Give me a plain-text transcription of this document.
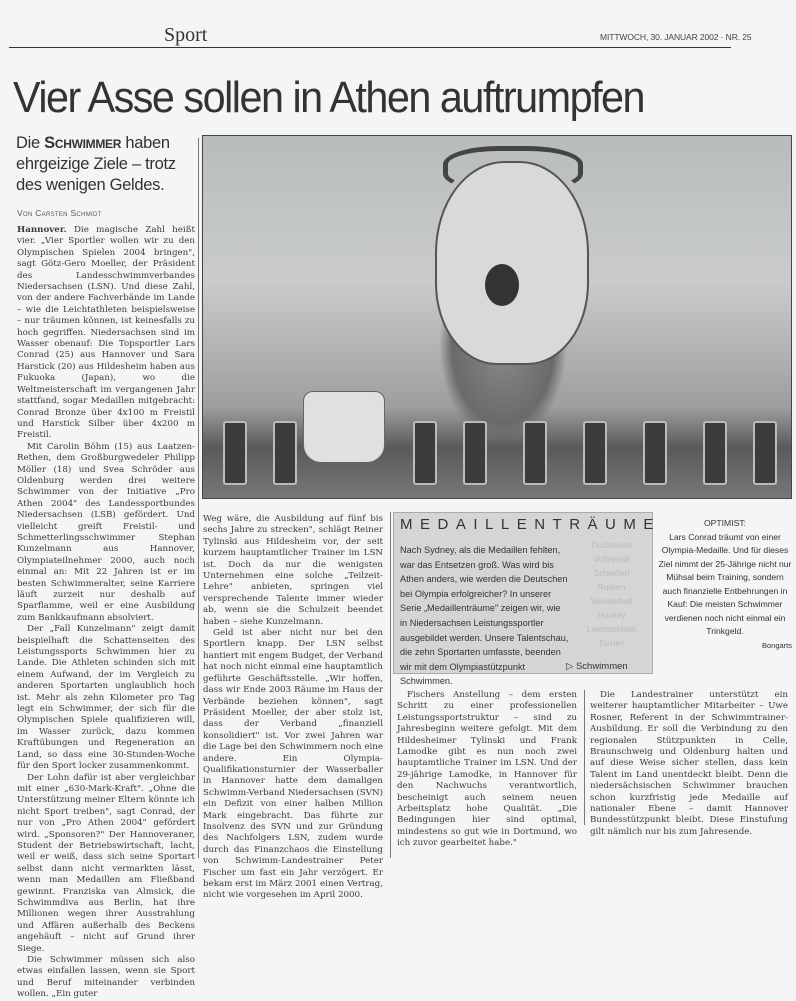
Sport	MITTWOCH, 30. JANUAR 2002 · NR. 25
Vier Asse sollen in Athen auftrumpfen
Die Schwimmer haben ehrgeizige Ziele – trotz des wenigen Geldes.
Von Carsten Schmidt

Hannover. Die magische Zahl heißt vier. „Vier Sportler wollen wir zu den Olympischen Spielen 2004 bringen", sagt Götz-Gero Moeller, der Präsident des Landesschwimmverbandes Niedersachsen (LSN). Und diese Zahl, von der andere Fachverbände im Lande – wie die Leichtathleten beispielsweise – nur träumen können, ist keinesfalls zu hoch gegriffen. Niedersachsen sind im Wasser obenauf: Die Topsportler Lars Conrad (25) aus Hannover und Sara Harstick (20) aus Hildesheim haben aus Fukuoka (Japan), wo die Weltmeisterschaft im vergangenen Jahr stattfand, sogar Medaillen mitgebracht: Conrad Bronze über 4x100 m Freistil und Harstick Silber über 4x200 m Freistil.

Mit Carolin Böhm (15) aus Laatzen-Rethen, dem Großburgwedeler Philipp Möller (18) und Svea Schröder aus Oldenburg werden drei weitere Schwimmer von der Initiative „Pro Athen 2004" des Landessportbundes Niedersachsen (LSB) gefördert. Und vielleicht greift Freistil- und Schmetterlingsschwimmer Stephan Kunzelmann aus Hannover, Olympiateilnehmer 2000, auch noch einmal an: Mit 22 Jahren ist er im besten Schwimmeralter, seine Karriere läuft zurzeit nur deshalb auf Sparflamme, weil er eine Ausbildung zum Bankkaufmann absolviert.

Der „Fall Kunzelmann" zeigt damit beispielhaft die Schattenseiten des Leistungssports Schwimmen hier zu Lande. Die Athleten schinden sich mit einem Aufwand, der im Vergleich zu anderen Sportarten unglaublich hoch ist. Mehr als zehn Kilometer pro Tag legt ein Schwimmer, der sich für die Olympischen Spiele qualifizieren will, im Wasser zurück, dazu kommen Kraftübungen und Regeneration an Land, so dass eine 30-Stunden-Woche für den Sport locker zusammenkommt.

Der Lohn dafür ist aber vergleichbar mit einer „630-Mark-Kraft". „Ohne die Unterstützung meiner Eltern könnte ich nicht Sport treiben", sagt Conrad, der nur von „Pro Athen 2004" gefördert wird. „Sponsoren?" Der Hannoveraner, Student der Betriebswirtschaft, lacht, weil er weiß, dass sich seine Sportart selbst dann nicht vermarkten lässt, wenn man Medaillen am Fließband gewinnt. Franziska van Almsick, die Schwimmdiva aus Berlin, hat ihre Millionen wegen ihrer Ausstrahlung und Affären außerhalb des Beckens angehäuft – nicht auf Grund ihrer Siege.

Die Schwimmer müssen sich also etwas einfallen lassen, wenn sie Sport und Beruf miteinander verbinden wollen. „Ein guter

Weg wäre, die Ausbildung auf fünf bis sechs Jahre zu strecken", schlägt Reiner Tylinski aus Hildesheim vor, der seit kurzem hauptamtlicher Trainer im LSN ist. Doch da nur die wenigsten Unternehmen eine solche „Teilzeit-Lehre" anbieten, springen viel versprechende Talente immer wieder ab, wenn sie die Schulzeit beendet haben – siehe Kunzelmann.

Geld ist aber nicht nur bei den Sportlern knapp. Der LSN selbst hantiert mit engem Budget, der Verband hat noch nicht einmal eine hauptamtlich geführte Geschäftsstelle. „Wir hoffen, dass wir Ende 2003 Räume im Haus der Verbände beziehen können", sagt Präsident Moeller, der aber stolz ist, dass der Verband „finanziell konsolidiert" ist. Vor zwei Jahren war die Lage bei den Schwimmern noch eine andere. Ein Olympia-Qualifikationsturnier der Wasserballer in Hannover hatte dem damaligen Schwimm-Verband Niedersachsen (SVN) ein Defizit von einer halben Million Mark eingebracht. Das führte zur Insolvenz des SVN und zur Gründung des Nachfolgers LSN, zudem wurde durch das Finanzchaos die Einstellung von Schwimm-Landestrainer Peter Fischer um fast ein Jahr verzögert. Er bekam erst im März 2001 einen Vertrag, nicht wie vorgesehen im April 2000.

MEDAILLENTRÄUME
Nach Sydney, als die Medaillen fehlten, war das Entsetzen groß. Was wird bis Athen anders, wie werden die Deutschen bei Olympia erfolgreicher? In unserer Serie „Medaillenträume" zeigen wir, wie in Niedersachsen Leistungssportler ausgebildet werden. Unsere Talentschau, die zehn Sportarten umfasste, beenden wir mit dem Olympiastützpunkt Schwimmen.
Tischtennis
Volleyball
Schießen
Rudern
Wasserball
Hockey
Leichtathletik
Turnen
▷ Schwimmen
OPTIMIST:
Lars Conrad träumt von einer Olympia-Medaille. Und für dieses Ziel nimmt der 25-Jährige nicht nur Mühsal beim Training, sondern auch finanzielle Entbehrungen in Kauf: Die meisten Schwimmer verdienen noch nicht einmal ein Trinkgeld.
Bongarts

Fischers Anstellung – dem ersten Schritt zu einer professionellen Leistungssportstruktur – sind zu Jahresbeginn weitere gefolgt. Mit dem Hildesheimer Tylinski und Frank Lamodke gibt es nun noch zwei hauptamtliche Trainer im LSN. Und der 29-jährige Lamodke, in Hannover für den Nachwuchs verantwortlich, bescheinigt auch seinem neuen Arbeitsplatz hohe Qualität. „Die Bedingungen hier sind optimal, mindestens so gut wie in Dortmund, wo ich zuvor gearbeitet habe."

Die Landestrainer unterstützt ein weiterer hauptamtlicher Mitarbeiter – Uwe Rosner, Referent in der Schwimmtrainer-Ausbildung. Er soll die Verbindung zu den regionalen Stützpunkten in Celle, Braunschweig und Oldenburg halten und auf diese Weise sicher stellen, dass kein Talent im Land unentdeckt bleibt. Denn die niedersächsischen Schwimmer brauchen schon kurzfristig jede Medaille auf nationaler Ebene – damit Hannover Bundesstützpunkt bleibt. Diese Einstufung gilt nämlich nur bis zum Jahresende.
